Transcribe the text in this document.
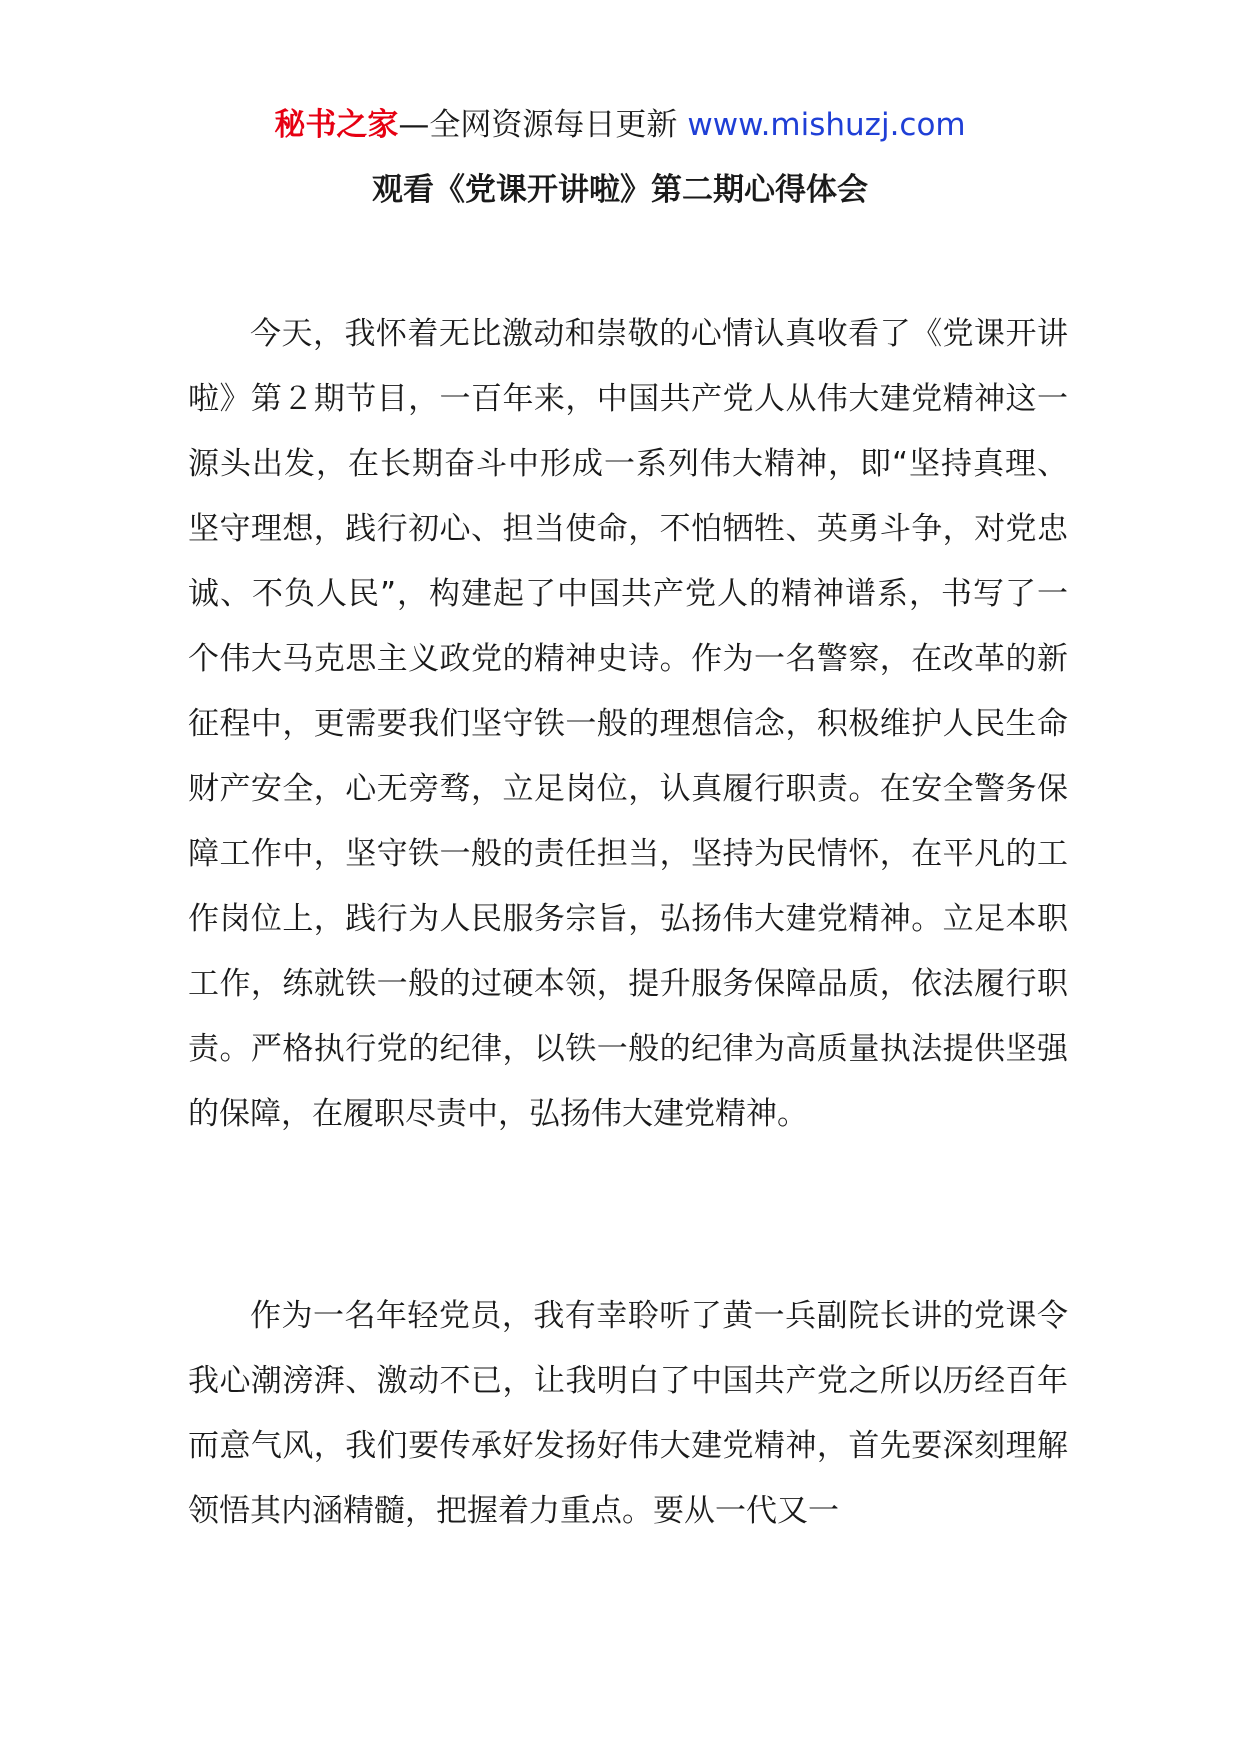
秘书之家—全网资源每日更新 www.mishuzj.com
观看《党课开讲啦》第二期心得体会

今天，我怀着无比激动和崇敬的心情认真收看了《党课开讲啦》第２期节目，一百年来，中国共产党人从伟大建党精神这一源头出发，在长期奋斗中形成一系列伟大精神，即“坚持真理、坚守理想，践行初心、担当使命，不怕牺牲、英勇斗争，对党忠诚、不负人民”，构建起了中国共产党人的精神谱系，书写了一个伟大马克思主义政党的精神史诗。作为一名警察，在改革的新征程中，更需要我们坚守铁一般的理想信念，积极维护人民生命财产安全，心无旁骛，立足岗位，认真履行职责。在安全警务保障工作中，坚守铁一般的责任担当，坚持为民情怀，在平凡的工作岗位上，践行为人民服务宗旨，弘扬伟大建党精神。立足本职工作，练就铁一般的过硬本领，提升服务保障品质，依法履行职责。严格执行党的纪律，以铁一般的纪律为高质量执法提供坚强的保障，在履职尽责中，弘扬伟大建党精神。

作为一名年轻党员，我有幸聆听了黄一兵副院长讲的党课令我心潮滂湃、激动不已，让我明白了中国共产党之所以历经百年而意气风，我们要传承好发扬好伟大建党精神，首先要深刻理解领悟其内涵精髓，把握着力重点。要从一代又一
